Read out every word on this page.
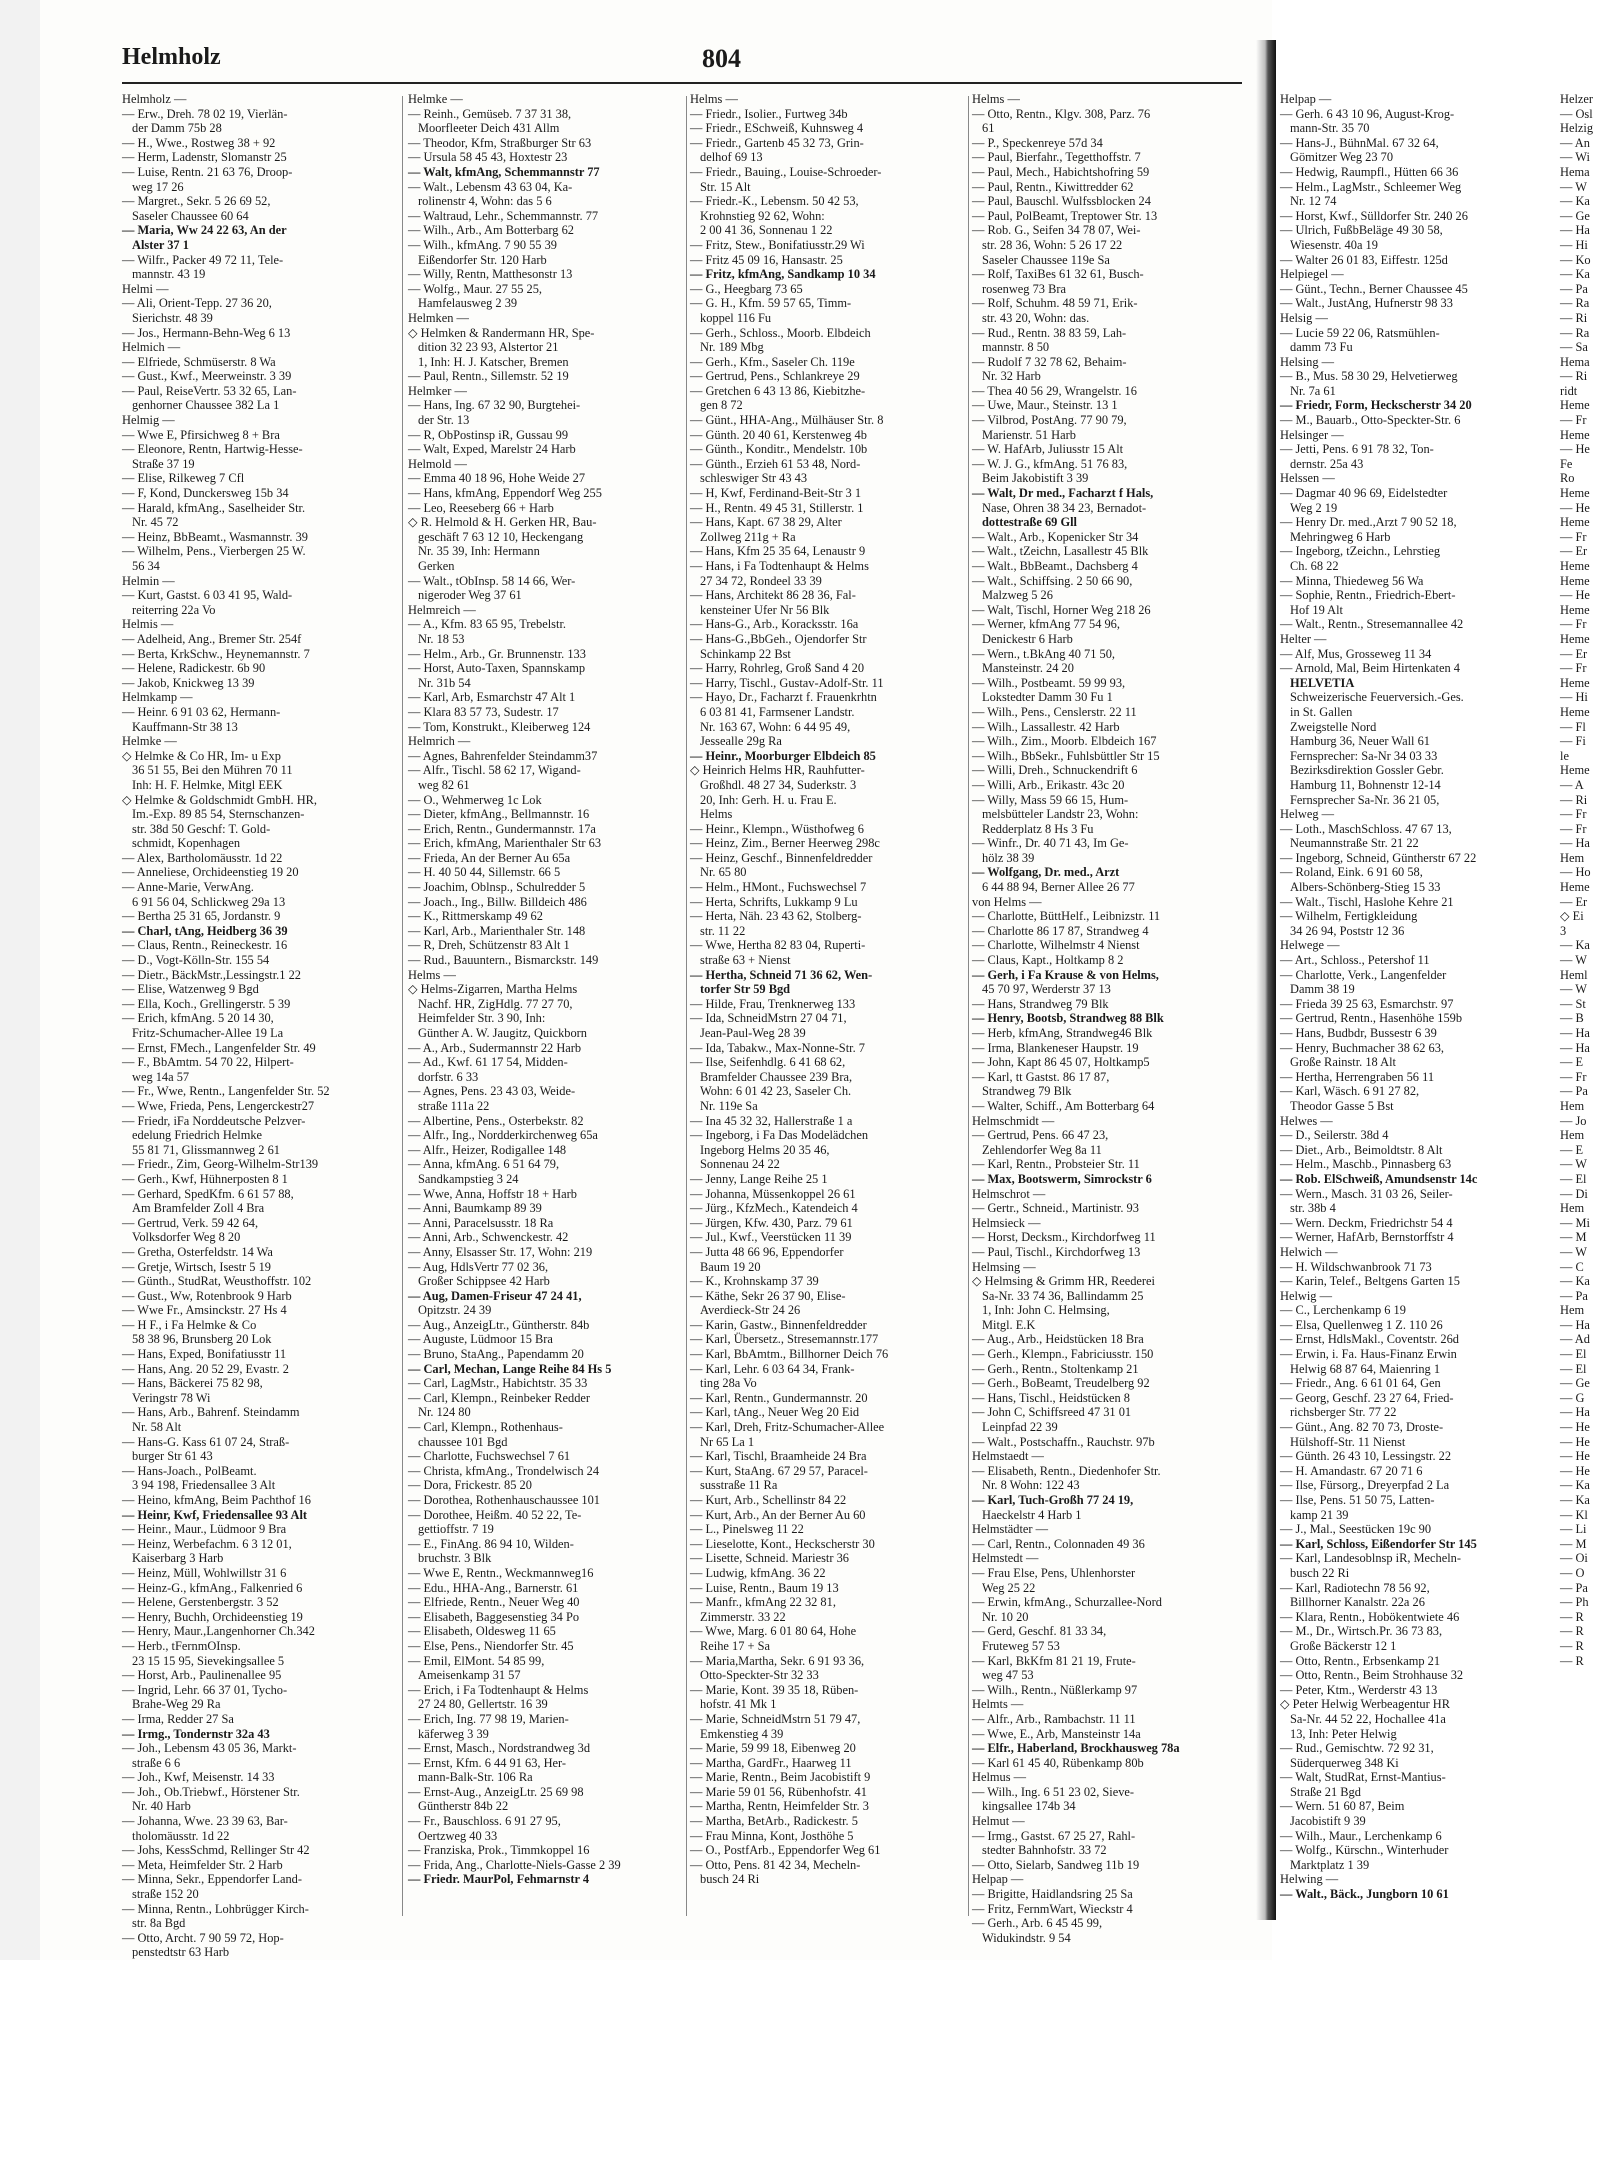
Helmholz	804
Helmholz —
— Erw., Dreh. 78 02 19, Vierlän-
der Damm 75b 28
— H., Wwe., Rostweg 38 + 92
— Herm, Ladenstr, Slomanstr 25
— Luise, Rentn. 21 63 76, Droop-
weg 17 26
— Margret., Sekr. 5 26 69 52,
Saseler Chaussee 60 64
— Maria, Ww 24 22 63, An der
Alster 37 1
— Wilfr., Packer 49 72 11, Tele-
mannstr. 43 19
Helmi —
— Ali, Orient-Tepp. 27 36 20,
Sierichstr. 48 39
— Jos., Hermann-Behn-Weg 6 13
Helmich —
— Elfriede, Schmüserstr. 8 Wa
— Gust., Kwf., Meerweinstr. 3 39
— Paul, ReiseVertr. 53 32 65, Lan-
genhorner Chaussee 382 La 1
Helmig —
— Wwe E, Pfirsichweg 8 + Bra
— Eleonore, Rentn, Hartwig-Hesse-
Straße 37 19
— Elise, Rilkeweg 7 Cfl
— F, Kond, Dunckersweg 15b 34
— Harald, kfmAng., Saselheider Str.
Nr. 45 72
— Heinz, BbBeamt., Wasmannstr. 39
— Wilhelm, Pens., Vierbergen 25 W.
56 34
Helmin —
— Kurt, Gastst. 6 03 41 95, Wald-
reiterring 22a Vo
Helmis —
— Adelheid, Ang., Bremer Str. 254f
— Berta, KrkSchw., Heynemannstr. 7
— Helene, Radickestr. 6b 90
— Jakob, Knickweg 13 39
Helmkamp —
— Heinr. 6 91 03 62, Hermann-
Kauffmann-Str 38 13
Helmke —
◇ Helmke & Co HR, Im- u Exp
36 51 55, Bei den Mühren 70 11
Inh: H. F. Helmke, Mitgl EEK
◇ Helmke & Goldschmidt GmbH. HR,
Im.-Exp. 89 85 54, Sternschanzen-
str. 38d 50 Geschf: T. Gold-
schmidt, Kopenhagen
— Alex, Bartholomäusstr. 1d 22
— Anneliese, Orchideenstieg 19 20
— Anne-Marie, VerwAng.
6 91 56 04, Schlickweg 29a 13
— Bertha 25 31 65, Jordanstr. 9
— Charl, tAng, Heidberg 36 39
— Claus, Rentn., Reineckestr. 16
— D., Vogt-Kölln-Str. 155 54
— Dietr., BäckMstr.,Lessingstr.1 22
— Elise, Watzenweg 9 Bgd
— Ella, Koch., Grellingerstr. 5 39
— Erich, kfmAng. 5 20 14 30,
Fritz-Schumacher-Allee 19 La
— Ernst, FMech., Langenfelder Str. 49
— F., BbAmtm. 54 70 22, Hilpert-
weg 14a 57
— Fr., Wwe, Rentn., Langenfelder Str. 52
— Wwe, Frieda, Pens, Lengerckestr27
— Friedr, iFa Norddeutsche Pelzver-
edelung Friedrich Helmke
55 81 71, Glissmannweg 2 61
— Friedr., Zim, Georg-Wilhelm-Str139
— Gerh., Kwf, Hühnerposten 8 1
— Gerhard, SpedKfm. 6 61 57 88,
Am Bramfelder Zoll 4 Bra
— Gertrud, Verk. 59 42 64,
Volksdorfer Weg 8 20
— Gretha, Osterfeldstr. 14 Wa
— Gretje, Wirtsch, Isestr 5 19
— Günth., StudRat, Weusthoffstr. 102
— Gust., Ww, Rotenbrook 9 Harb
— Wwe Fr., Amsinckstr. 27 Hs 4
— H F., i Fa Helmke & Co
58 38 96, Brunsberg 20 Lok
— Hans, Exped, Bonifatiusstr 11
— Hans, Ang. 20 52 29, Evastr. 2
— Hans, Bäckerei 75 82 98,
Veringstr 78 Wi
— Hans, Arb., Bahrenf. Steindamm
Nr. 58 Alt
— Hans-G. Kass 61 07 24, Straß-
burger Str 61 43
— Hans-Joach., PolBeamt.
3 94 198, Friedensallee 3 Alt
— Heino, kfmAng, Beim Pachthof 16
— Heinr, Kwf, Friedensallee 93 Alt
— Heinr., Maur., Lüdmoor 9 Bra
— Heinz, Werbefachm. 6 3 12 01,
Kaiserbarg 3 Harb
— Heinz, Müll, Wohlwillstr 31 6
— Heinz-G., kfmAng., Falkenried 6
— Helene, Gerstenbergstr. 3 52
— Henry, Buchh, Orchideenstieg 19
— Henry, Maur.,Langenhorner Ch.342
— Herb., tFernmOInsp.
23 15 15 95, Sievekingsallee 5
— Horst, Arb., Paulinenallee 95
— Ingrid, Lehr. 66 37 01, Tycho-
Brahe-Weg 29 Ra
— Irma, Redder 27 Sa
— Irmg., Tondernstr 32a 43
— Joh., Lebensm 43 05 36, Markt-
straße 6 6
— Joh., Kwf, Meisenstr. 14 33
— Joh., Ob.Triebwf., Hörstener Str.
Nr. 40 Harb
— Johanna, Wwe. 23 39 63, Bar-
tholomäusstr. 1d 22
— Johs, KessSchmd, Rellinger Str 42
— Meta, Heimfelder Str. 2 Harb
— Minna, Sekr., Eppendorfer Land-
straße 152 20
— Minna, Rentn., Lohbrügger Kirch-
str. 8a Bgd
— Otto, Archt. 7 90 59 72, Hop-
penstedtstr 63 Harb
Helmke —
— Reinh., Gemüseb. 7 37 31 38,
Moorfleeter Deich 431 Allm
— Theodor, Kfm, Straßburger Str 63
— Ursula 58 45 43, Hoxtestr 23
— Walt, kfmAng, Schemmannstr 77
— Walt., Lebensm 43 63 04, Ka-
rolinenstr 4, Wohn: das 5 6
— Waltraud, Lehr., Schemmannstr. 77
— Wilh., Arb., Am Botterbarg 62
— Wilh., kfmAng. 7 90 55 39
Eißendorfer Str. 120 Harb
— Willy, Rentn, Matthesonstr 13
— Wolfg., Maur. 27 55 25,
Hamfelausweg 2 39
Helmken —
◇ Helmken & Randermann HR, Spe-
dition 32 23 93, Alstertor 21
1, Inh: H. J. Katscher, Bremen
— Paul, Rentn., Sillemstr. 52 19
Helmker —
— Hans, Ing. 67 32 90, Burgtehei-
der Str. 13
— R, ObPostinsp iR, Gussau 99
— Walt, Exped, Marelstr 24 Harb
Helmold —
— Emma 40 18 96, Hohe Weide 27
— Hans, kfmAng, Eppendorf Weg 255
— Leo, Reeseberg 66 + Harb
◇ R. Helmold & H. Gerken HR, Bau-
geschäft 7 63 12 10, Heckengang
Nr. 35 39, Inh: Hermann
Gerken
— Walt., tObInsp. 58 14 66, Wer-
nigeroder Weg 37 61
Helmreich —
— A., Kfm. 83 65 95, Trebelstr.
Nr. 18 53
— Helm., Arb., Gr. Brunnenstr. 133
— Horst, Auto-Taxen, Spannskamp
Nr. 31b 54
— Karl, Arb, Esmarchstr 47 Alt 1
— Klara 83 57 73, Sudestr. 17
— Tom, Konstrukt., Kleiberweg 124
Helmrich —
— Agnes, Bahrenfelder Steindamm37
— Alfr., Tischl. 58 62 17, Wigand-
weg 82 61
— O., Wehmerweg 1c Lok
— Dieter, kfmAng., Bellmannstr. 16
— Erich, Rentn., Gundermannstr. 17a
— Erich, kfmAng, Marienthaler Str 63
— Frieda, An der Berner Au 65a
— H. 40 50 44, Sillemstr. 66 5
— Joachim, Oblnsp., Schulredder 5
— Joach., Ing., Billw. Billdeich 486
— K., Rittmerskamp 49 62
— Karl, Arb., Marienthaler Str. 148
— R, Dreh, Schützenstr 83 Alt 1
— Rud., Bauuntern., Bismarckstr. 149
Helms —
◇ Helms-Zigarren, Martha Helms
Nachf. HR, ZigHdlg. 77 27 70,
Heimfelder Str. 3 90, Inh:
Günther A. W. Jaugitz, Quickborn
— A., Arb., Sudermannstr 22 Harb
— Ad., Kwf. 61 17 54, Midden-
dorfstr. 6 33
— Agnes, Pens. 23 43 03, Weide-
straße 111a 22
— Albertine, Pens., Osterbekstr. 82
— Alfr., Ing., Nordderkirchenweg 65a
— Alfr., Heizer, Rodigallee 148
— Anna, kfmAng. 6 51 64 79,
Sandkampstieg 3 24
— Wwe, Anna, Hoffstr 18 + Harb
— Anni, Baumkamp 89 39
— Anni, Paracelsusstr. 18 Ra
— Anni, Arb., Schwenckestr. 42
— Anny, Elsasser Str. 17, Wohn: 219
— Aug, HdlsVertr 77 02 36,
Großer Schippsee 42 Harb
— Aug, Damen-Friseur 47 24 41,
Opitzstr. 24 39
— Aug., AnzeigLtr., Güntherstr. 84b
— Auguste, Lüdmoor 15 Bra
— Bruno, StaAng., Papendamm 20
— Carl, Mechan, Lange Reihe 84 Hs 5
— Carl, LagMstr., Habichtstr. 35 33
— Carl, Klempn., Reinbeker Redder
Nr. 124 80
— Carl, Klempn., Rothenhaus-
chaussee 101 Bgd
— Charlotte, Fuchswechsel 7 61
— Christa, kfmAng., Trondelwisch 24
— Dora, Frickestr. 85 20
— Dorothea, Rothenhauschaussee 101
— Dorothee, Heißm. 40 52 22, Te-
gettioffstr. 7 19
— E., FinAng. 86 94 10, Wilden-
bruchstr. 3 Blk
— Wwe E, Rentn., Weckmannweg16
— Edu., HHA-Ang., Barnerstr. 61
— Elfriede, Rentn., Neuer Weg 40
— Elisabeth, Baggesenstieg 34 Po
— Elisabeth, Oldesweg 11 65
— Else, Pens., Niendorfer Str. 45
— Emil, ElMont. 54 85 99,
Ameisenkamp 31 57
— Erich, i Fa Todtenhaupt & Helms
27 24 80, Gellertstr. 16 39
— Erich, Ing. 77 98 19, Marien-
käferweg 3 39
— Ernst, Masch., Nordstrandweg 3d
— Ernst, Kfm. 6 44 91 63, Her-
mann-Balk-Str. 106 Ra
— Ernst-Aug., AnzeigLtr. 25 69 98
Güntherstr 84b 22
— Fr., Bauschloss. 6 91 27 95,
Oertzweg 40 33
— Franziska, Prok., Timmkoppel 16
— Frida, Ang., Charlotte-Niels-Gasse 2 39
— Friedr. MaurPol, Fehmarnstr 4
Helms —
— Friedr., Isolier., Furtweg 34b
— Friedr., ESchweiß, Kuhnsweg 4
— Friedr., Gartenb 45 32 73, Grin-
delhof 69 13
— Friedr., Bauing., Louise-Schroeder-
Str. 15 Alt
— Friedr.-K., Lebensm. 50 42 53,
Krohnstieg 92 62, Wohn:
2 00 41 36, Sonnenau 1 22
— Fritz, Stew., Bonifatiusstr.29 Wi
— Fritz 45 09 16, Hansastr. 25
— Fritz, kfmAng, Sandkamp 10 34
— G., Heegbarg 73 65
— G. H., Kfm. 59 57 65, Timm-
koppel 116 Fu
— Gerh., Schloss., Moorb. Elbdeich
Nr. 189 Mbg
— Gerh., Kfm., Saseler Ch. 119e
— Gertrud, Pens., Schlankreye 29
— Gretchen 6 43 13 86, Kiebitzhe-
gen 8 72
— Günt., HHA-Ang., Mülhäuser Str. 8
— Günth. 20 40 61, Kerstenweg 4b
— Günth., Konditr., Mendelstr. 10b
— Günth., Erzieh 61 53 48, Nord-
schleswiger Str 43 43
— H, Kwf, Ferdinand-Beit-Str 3 1
— H., Rentn. 49 45 31, Stillerstr. 1
— Hans, Kapt. 67 38 29, Alter
Zollweg 211g + Ra
— Hans, Kfm 25 35 64, Lenaustr 9
— Hans, i Fa Todtenhaupt & Helms
27 34 72, Rondeel 33 39
— Hans, Architekt 86 28 36, Fal-
kensteiner Ufer Nr 56 Blk
— Hans-G., Arb., Koracksstr. 16a
— Hans-G.,BbGeh., Ojendorfer Str
Schinkamp 22 Bst
— Harry, Rohrleg, Groß Sand 4 20
— Harry, Tischl., Gustav-Adolf-Str. 11
— Hayo, Dr., Facharzt f. Frauenkrhtn
6 03 81 41, Farmsener Landstr.
Nr. 163 67, Wohn: 6 44 95 49,
Jessealle 29g Ra
— Heinr., Moorburger Elbdeich 85
◇ Heinrich Helms HR, Rauhfutter-
Großhdl. 48 27 34, Suderkstr. 3
20, Inh: Gerh. H. u. Frau E.
Helms
— Heinr., Klempn., Wüsthofweg 6
— Heinz, Zim., Berner Heerweg 298c
— Heinz, Geschf., Binnenfeldredder
Nr. 65 80
— Helm., HMont., Fuchswechsel 7
— Herta, Schrifts, Lukkamp 9 Lu
— Herta, Näh. 23 43 62, Stolberg-
str. 11 22
— Wwe, Hertha 82 83 04, Ruperti-
straße 63 + Nienst
— Hertha, Schneid 71 36 62, Wen-
torfer Str 59 Bgd
— Hilde, Frau, Trenknerweg 133
— Ida, SchneidMstrn 27 04 71,
Jean-Paul-Weg 28 39
— Ida, Tabakw., Max-Nonne-Str. 7
— Ilse, Seifenhdlg. 6 41 68 62,
Bramfelder Chaussee 239 Bra,
Wohn: 6 01 42 23, Saseler Ch.
Nr. 119e Sa
— Ina 45 32 32, Hallerstraße 1 a
— Ingeborg, i Fa Das Modelädchen
Ingeborg Helms 20 35 46,
Sonnenau 24 22
— Jenny, Lange Reihe 25 1
— Johanna, Müssenkoppel 26 61
— Jürg., KfzMech., Katendeich 4
— Jürgen, Kfw. 430, Parz. 79 61
— Jul., Kwf., Veerstücken 11 39
— Jutta 48 66 96, Eppendorfer
Baum 19 20
— K., Krohnskamp 37 39
— Käthe, Sekr 26 37 90, Elise-
Averdieck-Str 24 26
— Karin, Gastw., Binnenfeldredder
— Karl, Übersetz., Stresemannstr.177
— Karl, BbAmtm., Billhorner Deich 76
— Karl, Lehr. 6 03 64 34, Frank-
ting 28a Vo
— Karl, Rentn., Gundermannstr. 20
— Karl, tAng., Neuer Weg 20 Eid
— Karl, Dreh, Fritz-Schumacher-Allee
Nr 65 La 1
— Karl, Tischl, Braamheide 24 Bra
— Kurt, StaAng. 67 29 57, Paracel-
susstraße 11 Ra
— Kurt, Arb., Schellinstr 84 22
— Kurt, Arb., An der Berner Au 60
— L., Pinelsweg 11 22
— Lieselotte, Kont., Heckscherstr 30
— Lisette, Schneid. Mariestr 36
— Ludwig, kfmAng. 36 22
— Luise, Rentn., Baum 19 13
— Manfr., kfmAng 22 32 81,
Zimmerstr. 33 22
— Wwe, Marg. 6 01 80 64, Hohe
Reihe 17 + Sa
— Maria,Martha, Sekr. 6 91 93 36,
Otto-Speckter-Str 32 33
— Marie, Kont. 39 35 18, Rüben-
hofstr. 41 Mk 1
— Marie, SchneidMstrn 51 79 47,
Emkenstieg 4 39
— Marie, 59 99 18, Eibenweg 20
— Martha, GardFr., Haarweg 11
— Marie, Rentn., Beim Jacobistift 9
— Marie 59 01 56, Rübenhofstr. 41
— Martha, Rentn, Heimfelder Str. 3
— Martha, BetArb., Radickestr. 5
— Frau Minna, Kont, Josthöhe 5
— O., PostfArb., Eppendorfer Weg 61
— Otto, Pens. 81 42 34, Mecheln-
busch 24 Ri
Helms —
— Otto, Rentn., Klgv. 308, Parz. 76
61
— P., Speckenreye 57d 34
— Paul, Bierfahr., Tegetthoffstr. 7
— Paul, Mech., Habichtshofring 59
— Paul, Rentn., Kiwittredder 62
— Paul, Bauschl. Wulfssblocken 24
— Paul, PolBeamt, Treptower Str. 13
— Rob. G., Seifen 34 78 07, Wei-
str. 28 36, Wohn: 5 26 17 22
Saseler Chaussee 119e Sa
— Rolf, TaxiBes 61 32 61, Busch-
rosenweg 73 Bra
— Rolf, Schuhm. 48 59 71, Erik-
str. 43 20, Wohn: das.
— Rud., Rentn. 38 83 59, Lah-
mannstr. 8 50
— Rudolf 7 32 78 62, Behaim-
Nr. 32 Harb
— Thea 40 56 29, Wrangelstr. 16
— Uwe, Maur., Steinstr. 13 1
— Vilbrod, PostAng. 77 90 79,
Marienstr. 51 Harb
— W. HafArb, Juliusstr 15 Alt
— W. J. G., kfmAng. 51 76 83,
Beim Jakobistift 3 39
— Walt, Dr med., Facharzt f Hals,
Nase, Ohren 38 34 23, Bernadot-
dottestraße 69 Gll
— Walt., Arb., Kopenicker Str 34
— Walt., tZeichn, Lasallestr 45 Blk
— Walt., BbBeamt., Dachsberg 4
— Walt., Schiffsing. 2 50 66 90,
Malzweg 5 26
— Walt, Tischl, Horner Weg 218 26
— Werner, kfmAng 77 54 96,
Denickestr 6 Harb
— Wern., t.BkAng 40 71 50,
Mansteinstr. 24 20
— Wilh., Postbeamt. 59 99 93,
Lokstedter Damm 30 Fu 1
— Wilh., Pens., Censlerstr. 22 11
— Wilh., Lassallestr. 42 Harb
— Wilh., Zim., Moorb. Elbdeich 167
— Wilh., BbSekr., Fuhlsbüttler Str 15
— Willi, Dreh., Schnuckendrift 6
— Willi, Arb., Erikastr. 43c 20
— Willy, Mass 59 66 15, Hum-
melsbütteler Landstr 23, Wohn:
Redderplatz 8 Hs 3 Fu
— Winfr., Dr. 40 71 43, Im Ge-
hölz 38 39
— Wolfgang, Dr. med., Arzt
6 44 88 94, Berner Allee 26 77
von Helms —
— Charlotte, BüttHelf., Leibnizstr. 11
— Charlotte 86 17 87, Strandweg 4
— Charlotte, Wilhelmstr 4 Nienst
— Claus, Kapt., Holtkamp 8 2
— Gerh, i Fa Krause & von Helms,
45 70 97, Werderstr 37 13
— Hans, Strandweg 79 Blk
— Henry, Bootsb, Strandweg 88 Blk
— Herb, kfmAng, Strandweg46 Blk
— Irma, Blankeneser Haupstr. 19
— John, Kapt 86 45 07, Holtkamp5
— Karl, tt Gastst. 86 17 87,
Strandweg 79 Blk
— Walter, Schiff., Am Botterbarg 64
Helmschmidt —
— Gertrud, Pens. 66 47 23,
Zehlendorfer Weg 8a 11
— Karl, Rentn., Probsteier Str. 11
— Max, Bootswerm, Simrockstr 6
Helmschrot —
— Gertr., Schneid., Martinistr. 93
Helmsieck —
— Horst, Decksm., Kirchdorfweg 11
— Paul, Tischl., Kirchdorfweg 13
Helmsing —
◇ Helmsing & Grimm HR, Reederei
Sa-Nr. 33 74 36, Ballindamm 25
1, Inh: John C. Helmsing,
Mitgl. E.K
— Aug., Arb., Heidstücken 18 Bra
— Gerh., Klempn., Fabriciusstr. 150
— Gerh., Rentn., Stoltenkamp 21
— Gerh., BoBeamt, Treudelberg 92
— Hans, Tischl., Heidstücken 8
— John C, Schiffsreed 47 31 01
Leinpfad 22 39
— Walt., Postschaffn., Rauchstr. 97b
Helmstaedt —
— Elisabeth, Rentn., Diedenhofer Str.
Nr. 8 Wohn: 122 43
— Karl, Tuch-Großh 77 24 19,
Haeckelstr 4 Harb 1
Helmstädter —
— Carl, Rentn., Colonnaden 49 36
Helmstedt —
— Frau Else, Pens, Uhlenhorster
Weg 25 22
— Erwin, kfmAng., Schurzallee-Nord
Nr. 10 20
— Gerd, Geschf. 81 33 34,
Fruteweg 57 53
— Karl, BkKfm 81 21 19, Frute-
weg 47 53
— Wilh., Rentn., Nüßlerkamp 97
Helmts —
— Alfr., Arb., Rambachstr. 11 11
— Wwe, E., Arb, Mansteinstr 14a
— Elfr., Haberland, Brockhausweg 78a
— Karl 61 45 40, Rübenkamp 80b
Helmus —
— Wilh., Ing. 6 51 23 02, Sieve-
kingsallee 174b 34
Helmut —
— Irmg., Gastst. 67 25 27, Rahl-
stedter Bahnhofstr. 33 72
— Otto, Sielarb, Sandweg 11b 19
Helpap —
— Brigitte, Haidlandsring 25 Sa
— Fritz, FernmWart, Wieckstr 4
— Gerh., Arb. 6 45 45 99,
Widukindstr. 9 54
Helpap —
— Gerh. 6 43 10 96, August-Krog-
mann-Str. 35 70
— Hans-J., BühnMal. 67 32 64,
Gömitzer Weg 23 70
— Hedwig, Raumpfl., Hütten 66 36
— Helm., LagMstr., Schleemer Weg
Nr. 12 74
— Horst, Kwf., Sülldorfer Str. 240 26
— Ulrich, FußbBeläge 49 30 58,
Wiesenstr. 40a 19
— Walter 26 01 83, Eiffestr. 125d
Helpiegel —
— Günt., Techn., Berner Chaussee 45
— Walt., JustAng, Hufnerstr 98 33
Helsig —
— Lucie 59 22 06, Ratsmühlen-
damm 73 Fu
Helsing —
— B., Mus. 58 30 29, Helvetierweg
Nr. 7a 61
— Friedr, Form, Heckscherstr 34 20
— M., Bauarb., Otto-Speckter-Str. 6
Helsinger —
— Jetti, Pens. 6 91 78 32, Ton-
dernstr. 25a 43
Helssen —
— Dagmar 40 96 69, Eidelstedter
Weg 2 19
— Henry Dr. med.,Arzt 7 90 52 18,
Mehringweg 6 Harb
— Ingeborg, tZeichn., Lehrstieg
Ch. 68 22
— Minna, Thiedeweg 56 Wa
— Sophie, Rentn., Friedrich-Ebert-
Hof 19 Alt
— Walt., Rentn., Stresemannallee 42
Helter —
— Alf, Mus, Grosseweg 11 34
— Arnold, Mal, Beim Hirtenkaten 4
HELVETIA
Schweizerische Feuerversich.-Ges.
in St. Gallen
Zweigstelle Nord
Hamburg 36, Neuer Wall 61
Fernsprecher: Sa-Nr 34 03 33
Bezirksdirektion Gossler Gebr.
Hamburg 11, Bohnenstr 12-14
Fernsprecher Sa-Nr. 36 21 05,
Helweg —
— Loth., MaschSchloss. 47 67 13,
Neumannstraße Str. 21 22
— Ingeborg, Schneid, Güntherstr 67 22
— Roland, Eink. 6 91 60 58,
Albers-Schönberg-Stieg 15 33
— Walt., Tischl, Haslohe Kehre 21
— Wilhelm, Fertigkleidung
34 26 94, Poststr 12 36
Helwege —
— Art., Schloss., Petershof 11
— Charlotte, Verk., Langenfelder
Damm 38 19
— Frieda 39 25 63, Esmarchstr. 97
— Gertrud, Rentn., Hasenhöhe 159b
— Hans, Budbdr, Bussestr 6 39
— Henry, Buchmacher 38 62 63,
Große Rainstr. 18 Alt
— Hertha, Herrengraben 56 11
— Karl, Wäsch. 6 91 27 82,
Theodor Gasse 5 Bst
Helwes —
— D., Seilerstr. 38d 4
— Diet., Arb., Beimoldtstr. 8 Alt
— Helm., Maschb., Pinnasberg 63
— Rob. ElSchweiß, Amundsenstr 14c
— Wern., Masch. 31 03 26, Seiler-
str. 38b 4
— Wern. Deckm, Friedrichstr 54 4
— Werner, HafArb, Bernstorffstr 4
Helwich —
— H. Wildschwanbrook 71 73
— Karin, Telef., Beltgens Garten 15
Helwig —
— C., Lerchenkamp 6 19
— Elsa, Quellenweg 1 Z. 110 26
— Ernst, HdlsMakl., Coventstr. 26d
— Erwin, i. Fa. Haus-Finanz Erwin
Helwig 68 87 64, Maienring 1
— Friedr., Ang. 6 61 01 64, Gen
— Georg, Geschf. 23 27 64, Fried-
richsberger Str. 77 22
— Günt., Ang. 82 70 73, Droste-
Hülshoff-Str. 11 Nienst
— Günth. 26 43 10, Lessingstr. 22
— H. Amandastr. 67 20 71 6
— Ilse, Fürsorg., Dreyerpfad 2 La
— Ilse, Pens. 51 50 75, Latten-
kamp 21 39
— J., Mal., Seestücken 19c 90
— Karl, Schloss, Eißendorfer Str 145
— Karl, Landesoblnsp iR, Mecheln-
busch 22 Ri
— Karl, Radiotechn 78 56 92,
Billhorner Kanalstr. 22a 26
— Klara, Rentn., Hobökentwiete 46
— M., Dr., Wirtsch.Pr. 36 73 83,
Große Bäckerstr 12 1
— Otto, Rentn., Erbsenkamp 21
— Otto, Rentn., Beim Strohhause 32
— Peter, Ktm., Werderstr 43 13
◇ Peter Helwig Werbeagentur HR
Sa-Nr. 44 52 22, Hochallee 41a
13, Inh: Peter Helwig
— Rud., Gemischtw. 72 92 31,
Süderquerweg 348 Ki
— Walt, StudRat, Ernst-Mantius-
Straße 21 Bgd
— Wern. 51 60 87, Beim
Jacobistift 9 39
— Wilh., Maur., Lerchenkamp 6
— Wolfg., Kürschn., Winterhuder
Marktplatz 1 39
Helwing —
— Walt., Bäck., Jungborn 10 61
Helzer
— Osl
Helzig
— An
— Wi
Hema
— W
— Ka
— Ge
— Ha
— Hi
— Ko
— Ka
— Pa
— Ra
— Ri
— Ra
— Sa
Hema
— Ri
ridt
Heme
— Fr
Heme
— He
Fe
Ro
Heme
— He
Heme
— Fr
— Er
Heme
Heme
— He
Heme
— Fr
Heme
— Er
— Fr
Heme
— Hi
Heme
— Fl
— Fi
le
Heme
— A
— Ri
— Fr
— Fr
— Ha
Hem
— Ho
Heme
— Er
◇ Ei
3
— Ka
— W
Heml
— W
— St
— B
— Ha
— Ha
— E
— Fr
— Pa
Hem
— Jo
Hem
— E
— W
— El
— Di
Hem
— Mi
— M
— W
— C
— Ka
— Pa
Hem
— Ha
— Ad
— El
— El
— Ge
— G
— Ha
— He
— He
— He
— He
— Ka
— Ka
— Kl
— Li
— M
— Oi
— O
— Pa
— Ph
— R
— R
— R
— R
